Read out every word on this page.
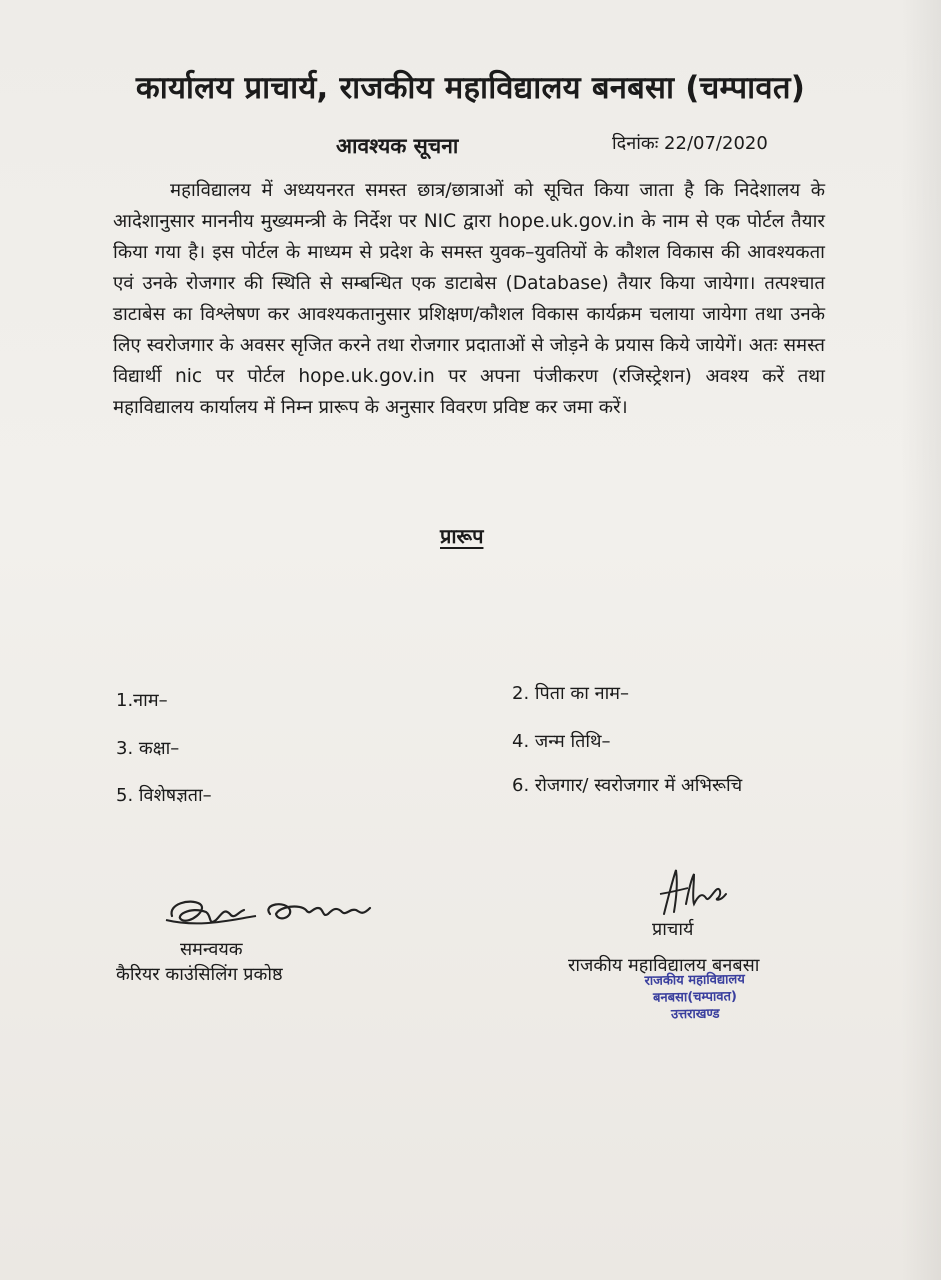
कार्यालय प्राचार्य, राजकीय महाविद्यालय बनबसा (चम्पावत)
आवश्यक सूचना	दिनांकः 22/07/2020
महाविद्यालय में अध्ययनरत समस्त छात्र/छात्राओं को सूचित किया जाता है कि निदेशालय के आदेशानुसार माननीय मुख्यमन्त्री के निर्देश पर NIC द्वारा hope.uk.gov.in के नाम से एक पोर्टल तैयार किया गया है। इस पोर्टल के माध्यम से प्रदेश के समस्त युवक–युवतियों के कौशल विकास की आवश्यकता एवं उनके रोजगार की स्थिति से सम्बन्धित एक डाटाबेस (Database) तैयार किया जायेगा। तत्पश्चात डाटाबेस का विश्लेषण कर आवश्यकतानुसार प्रशिक्षण/कौशल विकास कार्यक्रम चलाया जायेगा तथा उनके लिए स्वरोजगार के अवसर सृजित करने तथा रोजगार प्रदाताओं से जोड़ने के प्रयास किये जायेगें। अतः समस्त विद्यार्थी nic पर पोर्टल hope.uk.gov.in पर अपना पंजीकरण (रजिस्ट्रेशन) अवश्य करें तथा महाविद्यालय कार्यालय में निम्न प्रारूप के अनुसार विवरण प्रविष्ट कर जमा करें।
प्रारूप
1.नाम–	2. पिता का नाम–
3. कक्षा–	4. जन्म तिथि–
5. विशेषज्ञता–	6. रोजगार/ स्वरोजगार में अभिरूचि
समन्वयक
कैरियर काउंसिलिंग प्रकोष्ठ
प्राचार्य
राजकीय महाविद्यालय बनबसा
राजकीय महाविद्यालय
बनबसा(चम्पावत)
उत्तराखण्ड
